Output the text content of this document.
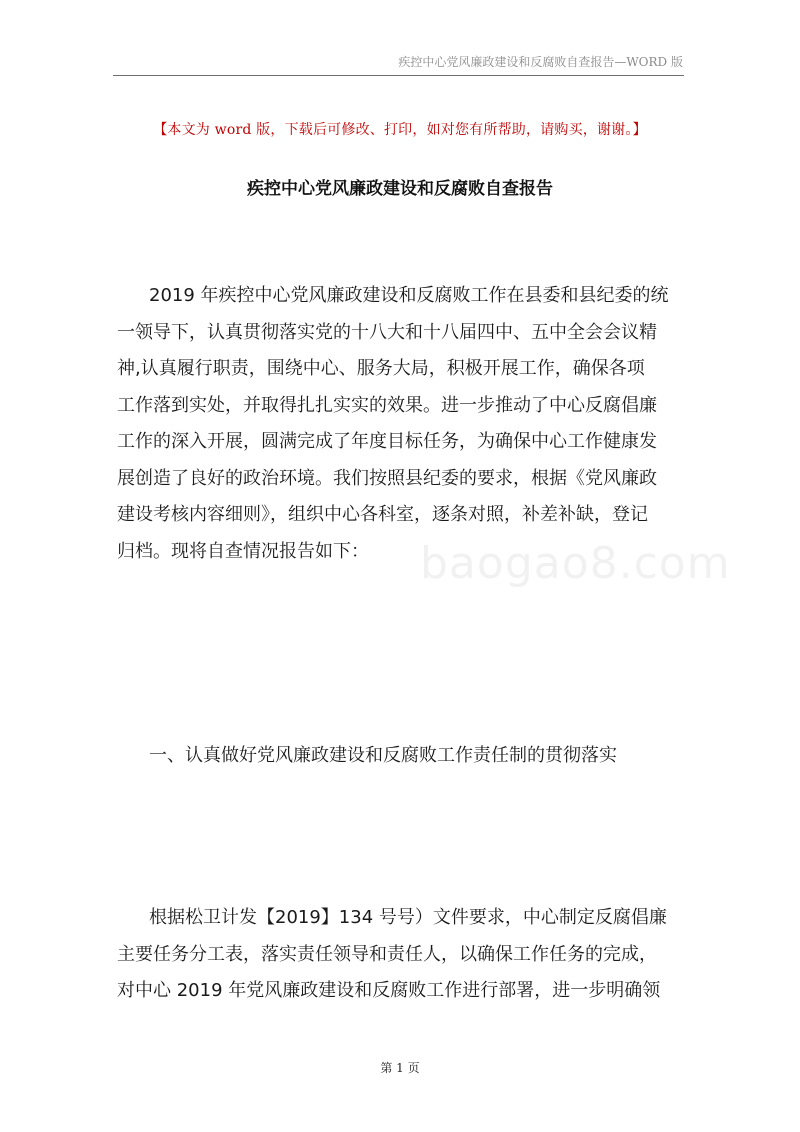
疾控中心党风廉政建设和反腐败自查报告—WORD 版
【本文为 word 版，下载后可修改、打印，如对您有所帮助，请购买，谢谢。】
疾控中心党风廉政建设和反腐败自查报告
2019 年疾控中心党风廉政建设和反腐败工作在县委和县纪委的统
一领导下，认真贯彻落实党的十八大和十八届四中、五中全会会议精
神,认真履行职责，围绕中心、服务大局，积极开展工作，确保各项
工作落到实处，并取得扎扎实实的效果。进一步推动了中心反腐倡廉
工作的深入开展，圆满完成了年度目标任务，为确保中心工作健康发
展创造了良好的政治环境。我们按照县纪委的要求，根据《党风廉政
建设考核内容细则》，组织中心各科室，逐条对照，补差补缺，登记
归档。现将自查情况报告如下：	baogao8.com
一、认真做好党风廉政建设和反腐败工作责任制的贯彻落实
根据松卫计发【2019】134 号号）文件要求，中心制定反腐倡廉
主要任务分工表，落实责任领导和责任人，以确保工作任务的完成，
对中心 2019 年党风廉政建设和反腐败工作进行部署，进一步明确领
第 1 页
